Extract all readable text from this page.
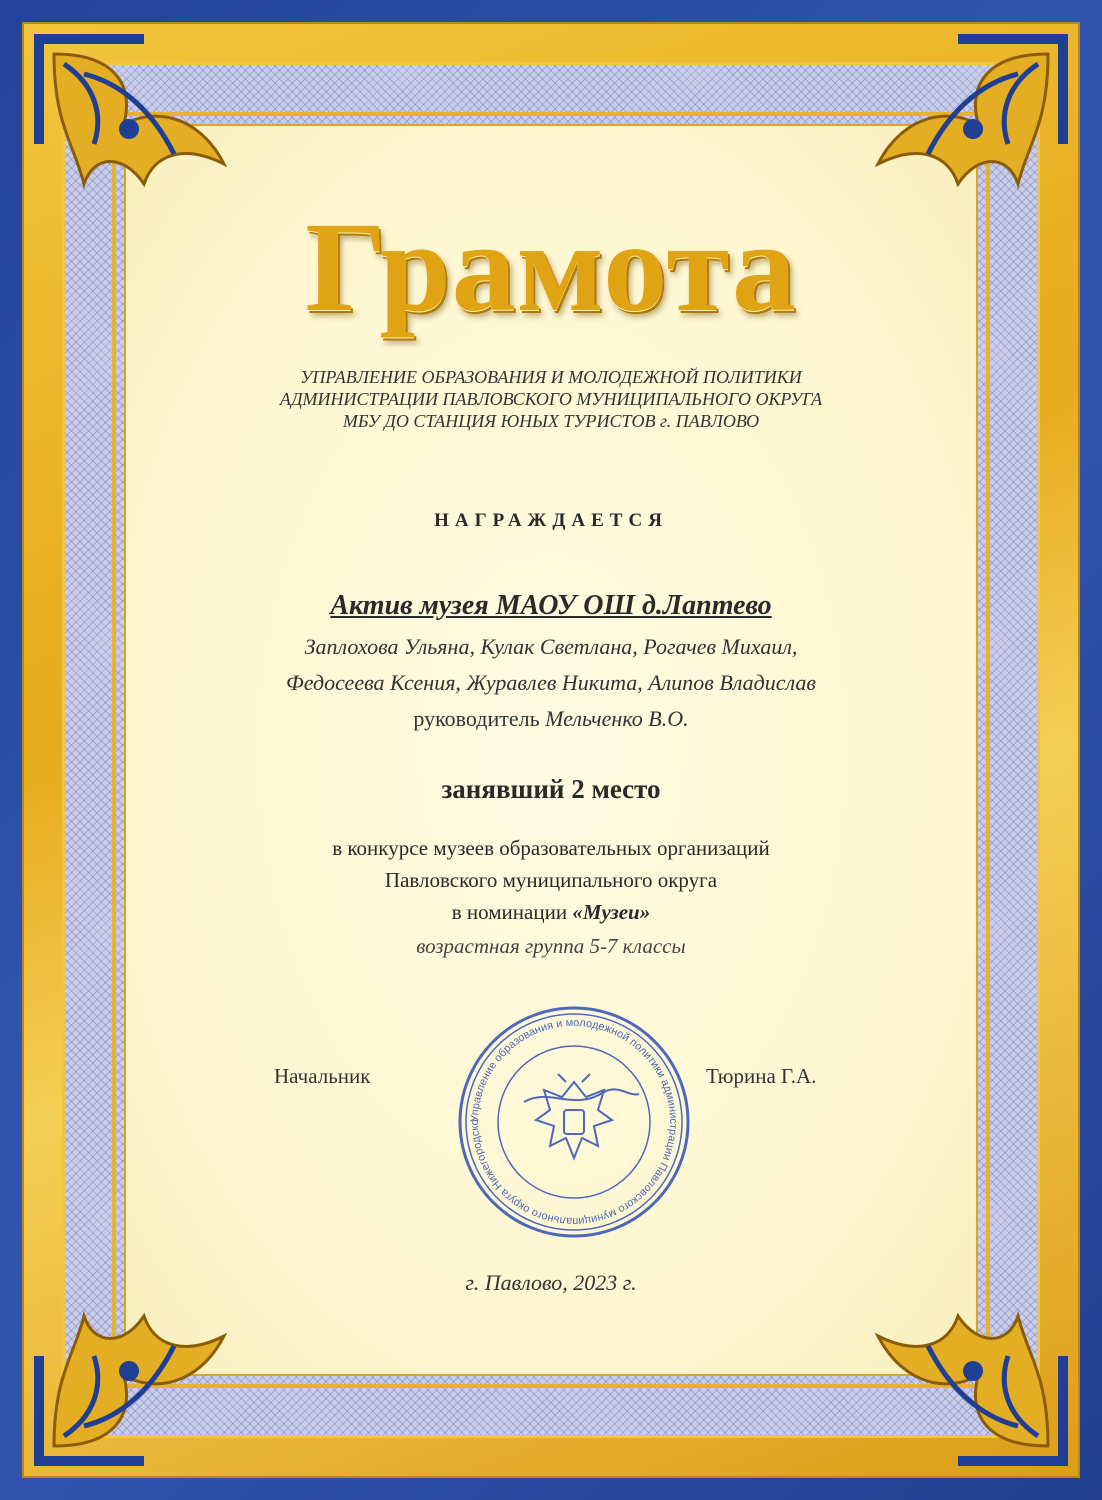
Грамота
УПРАВЛЕНИЕ ОБРАЗОВАНИЯ И МОЛОДЕЖНОЙ ПОЛИТИКИ
АДМИНИСТРАЦИИ ПАВЛОВСКОГО МУНИЦИПАЛЬНОГО ОКРУГА
МБУ ДО СТАНЦИЯ ЮНЫХ ТУРИСТОВ г. ПАВЛОВО
НАГРАЖДАЕТСЯ
Актив музея МАОУ ОШ д.Лаптево
Заплохова Ульяна, Кулак Светлана, Рогачев Михаил,
Федосеева Ксения, Журавлев Никита, Алипов Владислав
руководитель Мельченко В.О.
занявший 2 место
в конкурсе музеев образовательных организаций
Павловского муниципального округа
в номинации «Музеи»
возрастная группа 5-7 классы
Начальник	Тюрина Г.А.
Управление образования и молодежной политики администрации Павловского муниципального округа Нижегородско
г. Павлово, 2023 г.
